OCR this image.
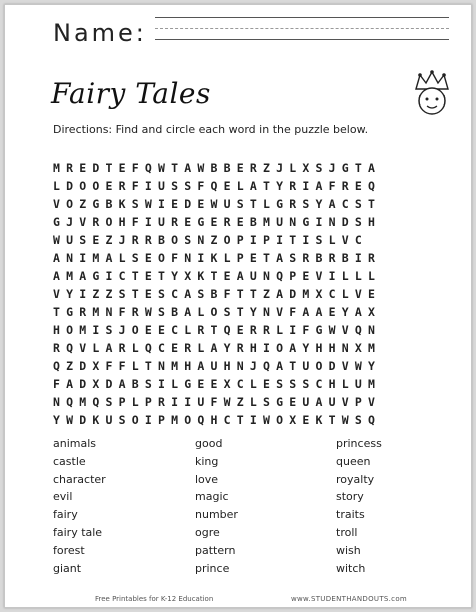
Name:
Fairy Tales
Directions: Find and circle each word in the puzzle below.
MREDTEFQWTAWBBERZJLXSJGTA
LDOOERFIUSSFQELATYRIAFREQ
VOZGBKSWIEDEWUSTLGRSYACST
GJVROHFIUREGEREBMUNGINDSH
WUSEZJRRBOSNZOPIPITISLVC
ANIMALSEOFNIKLPETASRBRBIR
AMAGICTETYXKTEAUNQPEVILLL
VYIZZSTESCASBFTTZADMXCLVE
TGRMNFRWSBALOSTYNVFAAEYAX
HOMISJOEECLRTQERRLIFGWVQN
RQVLARLQCERLAYRHIOAYHHNXM
QZDXFFLTNMHAUHNJQATUODVWY
FADXDABSILGEEXCLESSSCHLUM
NQMQSPLPRIIUFWZLSGEUAUVPV
YWDKUSOIPMOQHCTIWOXEKTWSQ
animals
castle
character
evil
fairy
fairy tale
forest
giant
good
king
love
magic
number
ogre
pattern
prince
princess
queen
royalty
story
traits
troll
wish
witch
Free Printables for K-12 Education	www.STUDENTHANDOUTS.com
